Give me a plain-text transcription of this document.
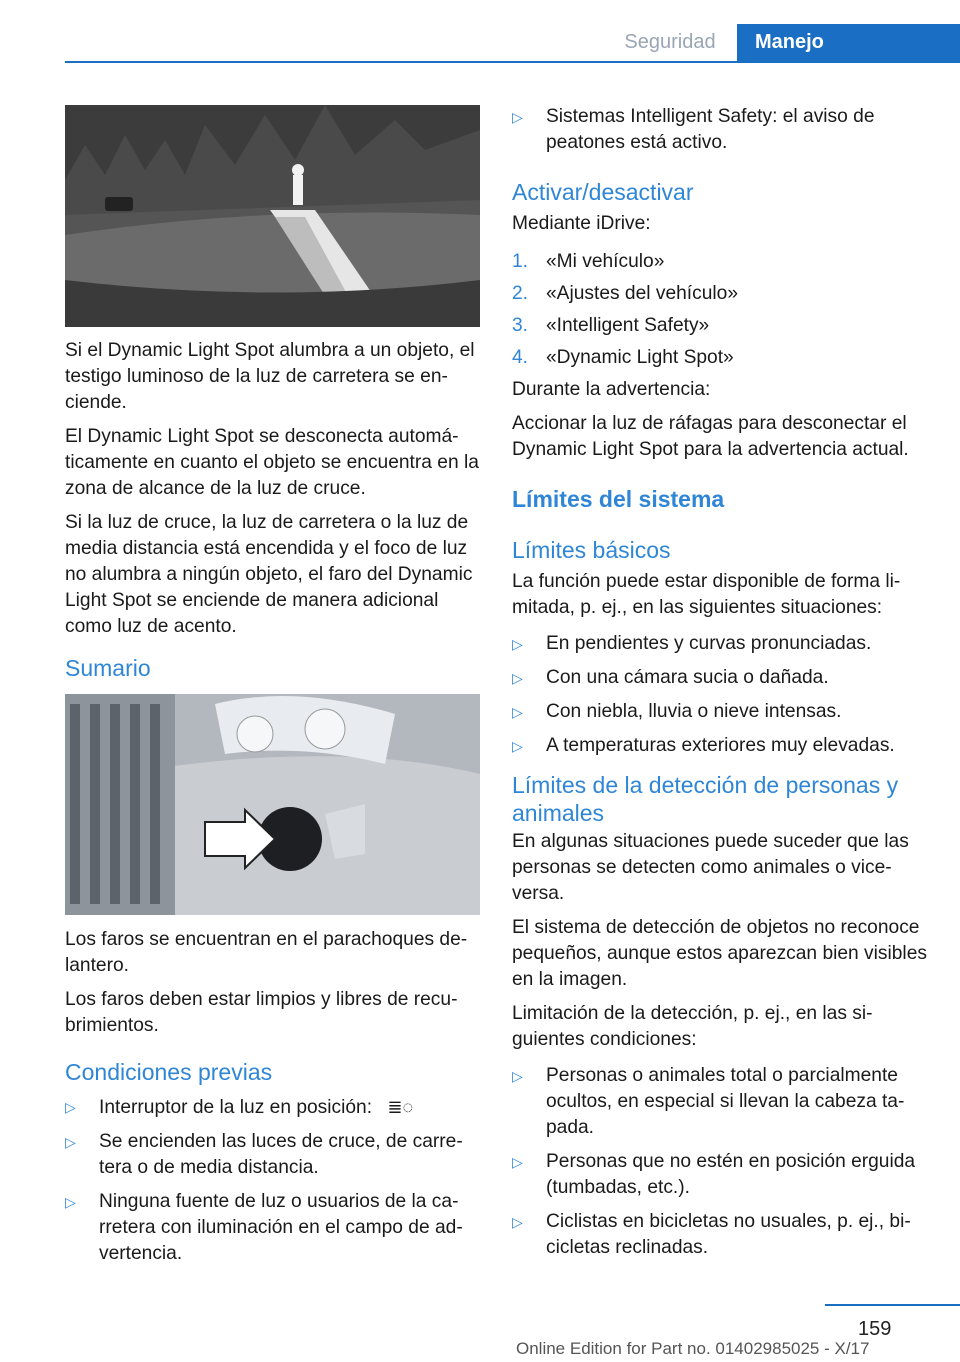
Seguridad	Manejo

Si el Dynamic Light Spot alumbra a un objeto, el testigo luminoso de la luz de carretera se enciende.

El Dynamic Light Spot se desconecta automáticamente en cuanto el objeto se encuentra en la zona de alcance de la luz de cruce.

Si la luz de cruce, la luz de carretera o la luz de media distancia está encendida y el foco de luz no alumbra a ningún objeto, el faro del Dynamic Light Spot se enciende de manera adicional como luz de acento.

Sumario

Los faros se encuentran en el parachoques delantero.

Los faros deben estar limpios y libres de recubrimientos.

Condiciones previas
▷ Interruptor de la luz en posición: ≣◌
▷ Se encienden las luces de cruce, de carretera o de media distancia.
▷ Ninguna fuente de luz o usuarios de la carretera con iluminación en el campo de advertencia.
▷ Sistemas Intelligent Safety: el aviso de peatones está activo.
Activar/desactivar

Mediante iDrive:

1. «Mi vehículo»
2. «Ajustes del vehículo»
3. «Intelligent Safety»
4. «Dynamic Light Spot»

Durante la advertencia:

Accionar la luz de ráfagas para desconectar el Dynamic Light Spot para la advertencia actual.

Límites del sistema
Límites básicos

La función puede estar disponible de forma limitada, p. ej., en las siguientes situaciones:

▷ En pendientes y curvas pronunciadas.
▷ Con una cámara sucia o dañada.
▷ Con niebla, lluvia o nieve intensas.
▷ A temperaturas exteriores muy elevadas.
Límites de la detección de personas y animales

En algunas situaciones puede suceder que las personas se detecten como animales o viceversa.

El sistema de detección de objetos no reconoce pequeños, aunque estos aparezcan bien visibles en la imagen.

Limitación de la detección, p. ej., en las siguientes condiciones:

▷ Personas o animales total o parcialmente ocultos, en especial si llevan la cabeza tapada.
▷ Personas que no estén en posición erguida (tumbadas, etc.).
▷ Ciclistas en bicicletas no usuales, p. ej., bicicletas reclinadas.
159
Online Edition for Part no. 01402985025 - X/17
